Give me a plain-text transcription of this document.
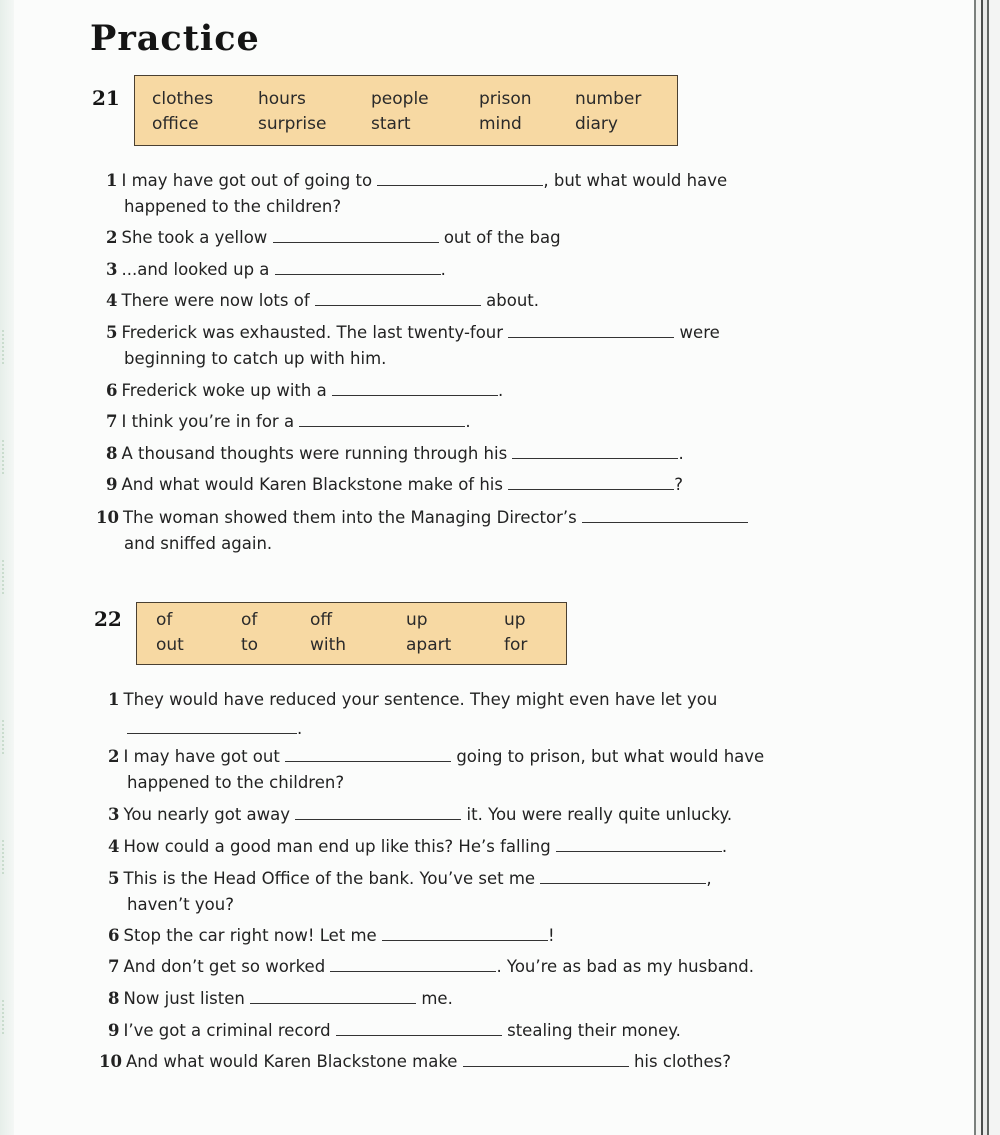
Practice
21 clothes	hours	people	prison	number
office	surprise	start	mind	diary
1 I may have got out of going to	, but what would have
happened to the children?
2 She took a yellow	out of the bag
3 ...and looked up a	.
4 There were now lots of	about.
5 Frederick was exhausted. The last twenty-four	were
beginning to catch up with him.
6 Frederick woke up with a	.
7 I think you’re in for a	.
8 A thousand thoughts were running through his	.
9 And what would Karen Blackstone make of his	?
10 The woman showed them into the Managing Director’s
and sniffed again.
22 of	of	off	up	up
out	to	with	apart	for
1 They would have reduced your sentence. They might even have let you
.
2 I may have got out	going to prison, but what would have
happened to the children?
3 You nearly got away	it. You were really quite unlucky.
4 How could a good man end up like this? He’s falling	.
5 This is the Head Office of the bank. You’ve set me	,
haven’t you?
6 Stop the car right now! Let me	!
7 And don’t get so worked	. You’re as bad as my husband.
8 Now just listen	me.
9 I’ve got a criminal record	stealing their money.
10 And what would Karen Blackstone make	his clothes?
